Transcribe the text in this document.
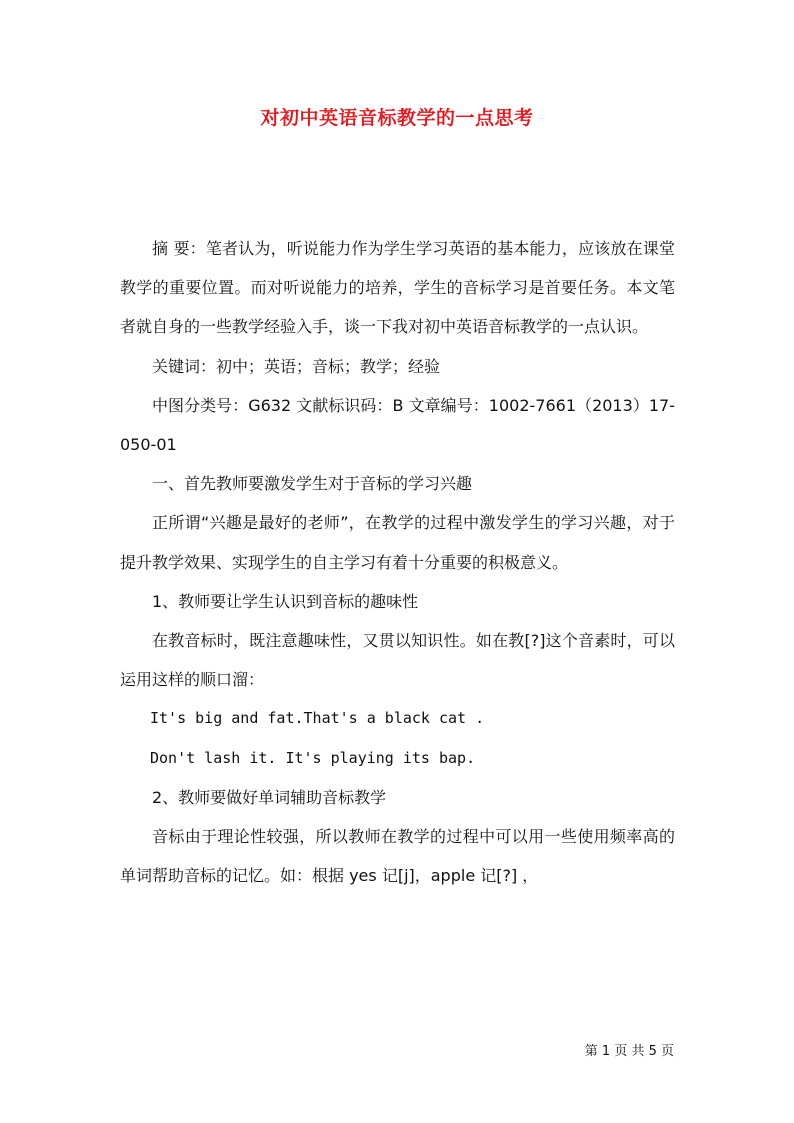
对初中英语音标教学的一点思考

摘 要：笔者认为，听说能力作为学生学习英语的基本能力，应该放在课堂教学的重要位置。而对听说能力的培养，学生的音标学习是首要任务。本文笔者就自身的一些教学经验入手，谈一下我对初中英语音标教学的一点认识。

关键词：初中；英语；音标；教学；经验

中图分类号：G632 文献标识码：B 文章编号：1002-7661（2013）17-050-01

一、首先教师要激发学生对于音标的学习兴趣

正所谓“兴趣是最好的老师”，在教学的过程中激发学生的学习兴趣，对于提升教学效果、实现学生的自主学习有着十分重要的积极意义。

1、教师要让学生认识到音标的趣味性

在教音标时，既注意趣味性，又贯以知识性。如在教[?]这个音素时，可以运用这样的顺口溜：

It's big and fat.That's a black cat .

Don't lash it. It's playing its bap.

2、教师要做好单词辅助音标教学

音标由于理论性较强，所以教师在教学的过程中可以用一些使用频率高的单词帮助音标的记忆。如：根据 yes 记[j]，apple 记[?] ，

第 1 页 共 5 页
